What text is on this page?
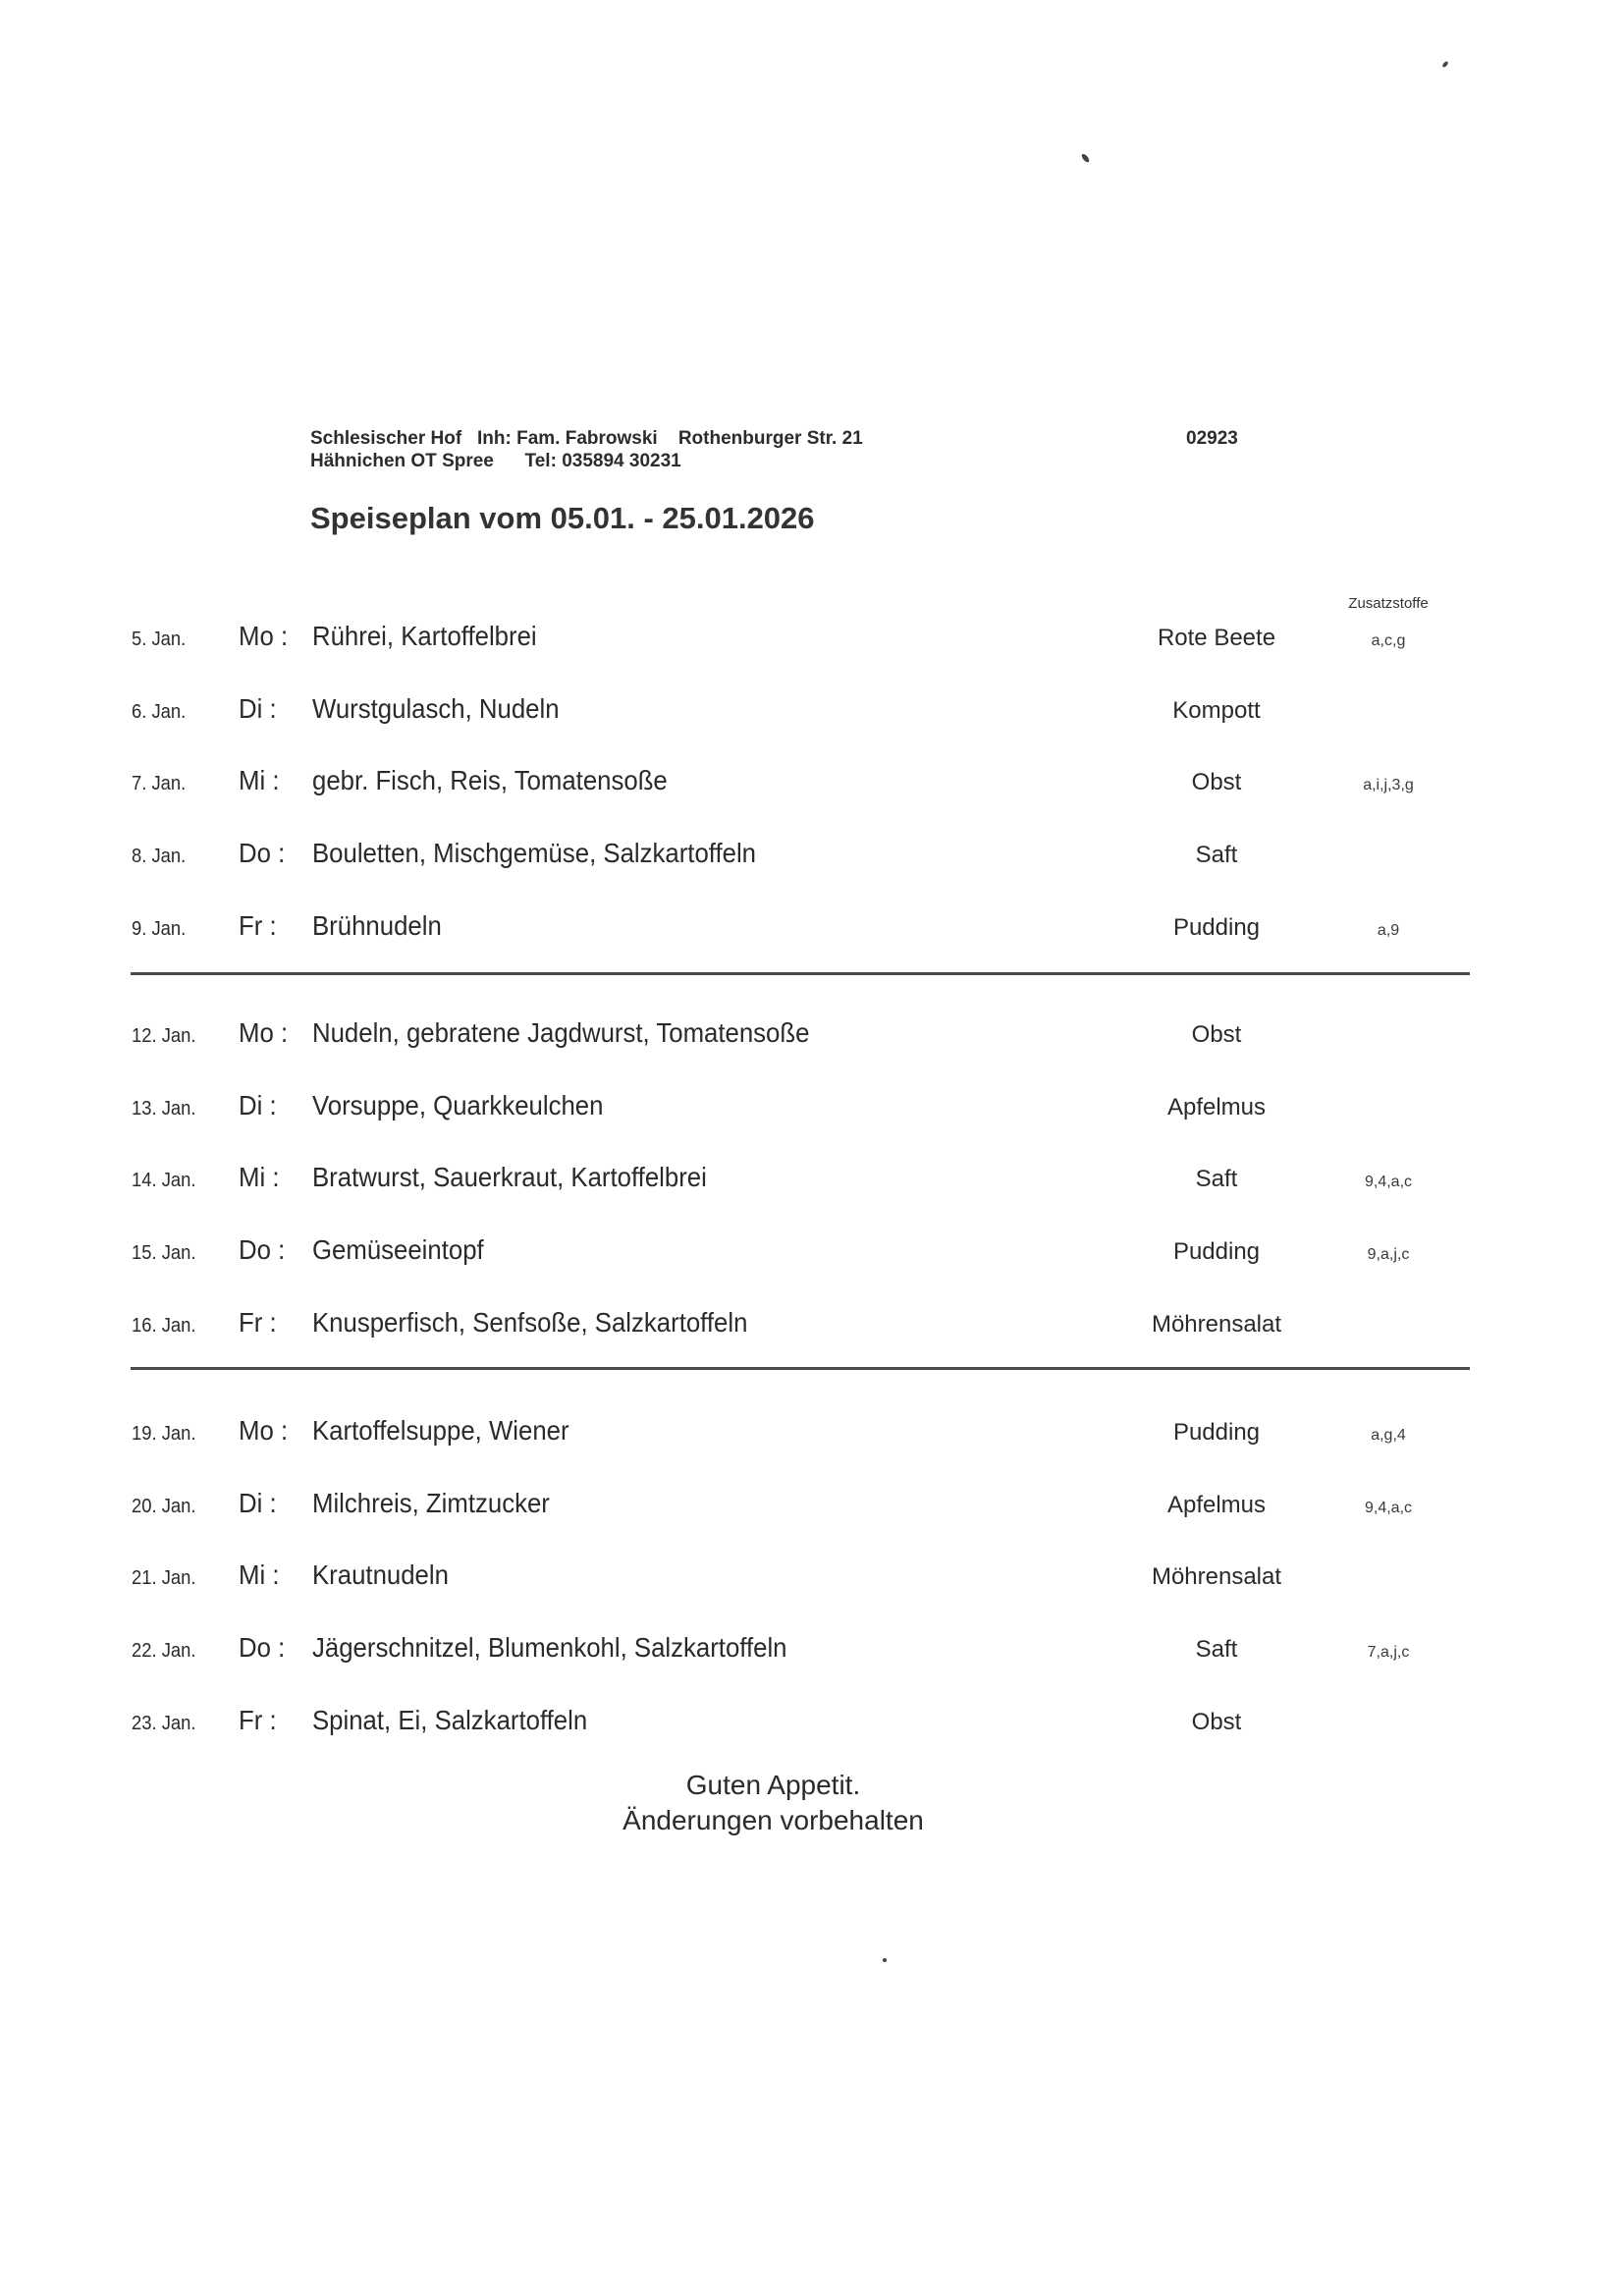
Schlesischer Hof   Inh: Fam. Fabrowski    Rothenburger Str. 21	02923
Hähnichen OT Spree      Tel: 035894 30231
Speiseplan vom 05.01. - 25.01.2026
Zusatzstoffe
5. Jan. Mo : Rührei, Kartoffelbrei	Rote Beete	a,c,g
6. Jan. Di : Wurstgulasch, Nudeln	Kompott
7. Jan. Mi : gebr. Fisch, Reis, Tomatensoße	Obst	a,i,j,3,g
8. Jan. Do : Bouletten, Mischgemüse, Salzkartoffeln	Saft
9. Jan. Fr : Brühnudeln	Pudding	a,9
12. Jan. Mo : Nudeln, gebratene Jagdwurst, Tomatensoße	Obst
13. Jan. Di : Vorsuppe, Quarkkeulchen	Apfelmus
14. Jan. Mi : Bratwurst, Sauerkraut, Kartoffelbrei	Saft	9,4,a,c
15. Jan. Do : Gemüseeintopf	Pudding	9,a,j,c
16. Jan. Fr : Knusperfisch, Senfsoße, Salzkartoffeln	Möhrensalat
19. Jan. Mo : Kartoffelsuppe, Wiener	Pudding	a,g,4
20. Jan. Di : Milchreis, Zimtzucker	Apfelmus	9,4,a,c
21. Jan. Mi : Krautnudeln	Möhrensalat
22. Jan. Do : Jägerschnitzel, Blumenkohl, Salzkartoffeln	Saft	7,a,j,c
23. Jan. Fr : Spinat, Ei, Salzkartoffeln	Obst
Guten Appetit.
Änderungen vorbehalten
